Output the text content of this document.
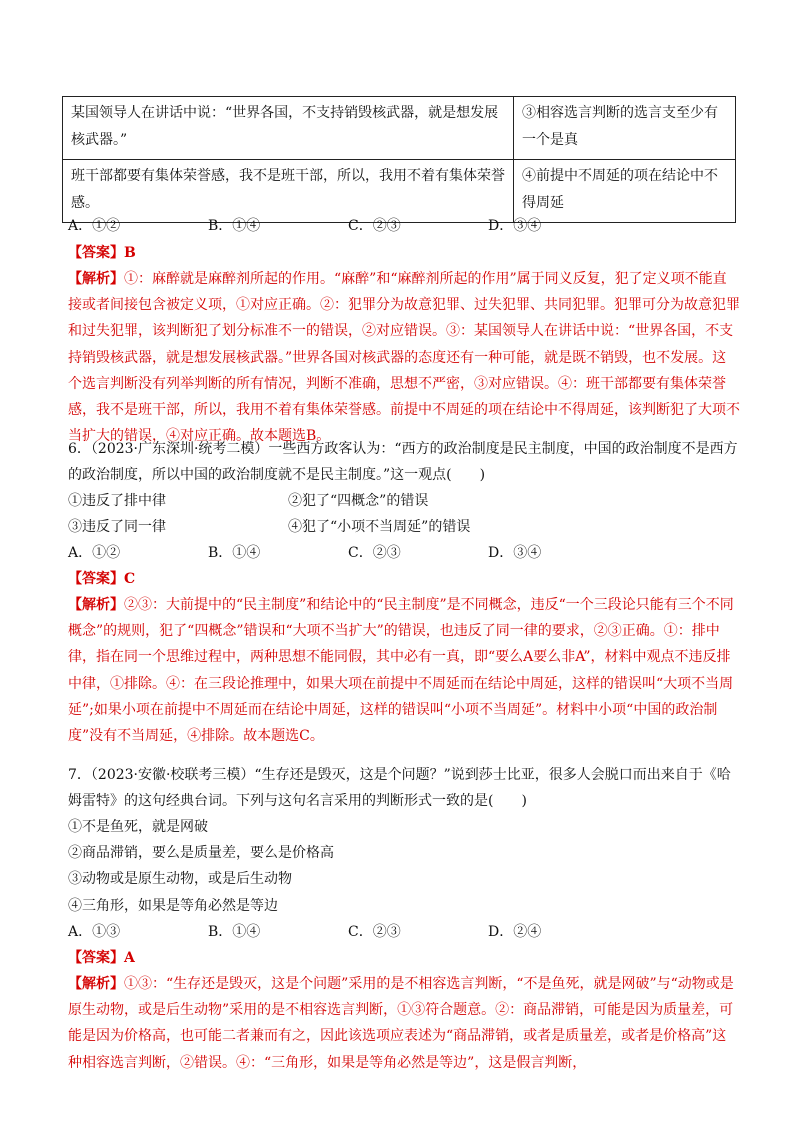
某国领导人在讲话中说：“世界各国，不支持销毁核武器，就是想发展核武器。”	③相容选言判断的选言支至少有一个是真
班干部都要有集体荣誉感，我不是班干部，所以，我用不着有集体荣誉感。	④前提中不周延的项在结论中不得周延
A．①②	B．①④	C．②③	D．③④
【答案】B
【解析】①：麻醉就是麻醉剂所起的作用。“麻醉”和“麻醉剂所起的作用”属于同义反复，犯了定义项不能直接或者间接包含被定义项，①对应正确。②：犯罪分为故意犯罪、过失犯罪、共同犯罪。犯罪可分为故意犯罪和过失犯罪，该判断犯了划分标准不一的错误，②对应错误。③：某国领导人在讲话中说：“世界各国，不支持销毁核武器，就是想发展核武器。”世界各国对核武器的态度还有一种可能，就是既不销毁，也不发展。这个选言判断没有列举判断的所有情况，判断不准确，思想不严密，③对应错误。④：班干部都要有集体荣誉感，我不是班干部，所以，我用不着有集体荣誉感。前提中不周延的项在结论中不得周延，该判断犯了大项不当扩大的错误，④对应正确。故本题选B。
6．（2023·广东深圳·统考二模）一些西方政客认为：“西方的政治制度是民主制度，中国的政治制度不是西方的政治制度，所以中国的政治制度就不是民主制度。”这一观点(　　)
①违反了排中律	②犯了“四概念”的错误
③违反了同一律	④犯了“小项不当周延”的错误
A．①②	B．①④	C．②③	D．③④
【答案】C
【解析】②③：大前提中的“民主制度”和结论中的“民主制度”是不同概念，违反“一个三段论只能有三个不同概念”的规则，犯了“四概念”错误和“大项不当扩大”的错误，也违反了同一律的要求，②③正确。①：排中律，指在同一个思维过程中，两种思想不能同假，其中必有一真，即“要么A要么非A”，材料中观点不违反排中律，①排除。④：在三段论推理中，如果大项在前提中不周延而在结论中周延，这样的错误叫“大项不当周延”;如果小项在前提中不周延而在结论中周延，这样的错误叫“小项不当周延”。材料中小项“中国的政治制度”没有不当周延，④排除。故本题选C。
7．（2023·安徽·校联考三模）“生存还是毁灭，这是个问题？”说到莎士比亚，很多人会脱口而出来自于《哈姆雷特》的这句经典台词。下列与这句名言采用的判断形式一致的是(　　)
①不是鱼死，就是网破
②商品滞销，要么是质量差，要么是价格高
③动物或是原生动物，或是后生动物
④三角形，如果是等角必然是等边
A．①③	B．①④	C．②③	D．②④
【答案】A
【解析】①③：“生存还是毁灭，这是个问题”采用的是不相容选言判断，“不是鱼死，就是网破”与“动物或是原生动物，或是后生动物”采用的是不相容选言判断，①③符合题意。②：商品滞销，可能是因为质量差，可能是因为价格高，也可能二者兼而有之，因此该选项应表述为“商品滞销，或者是质量差，或者是价格高”这种相容选言判断，②错误。④：“三角形，如果是等角必然是等边”，这是假言判断，
